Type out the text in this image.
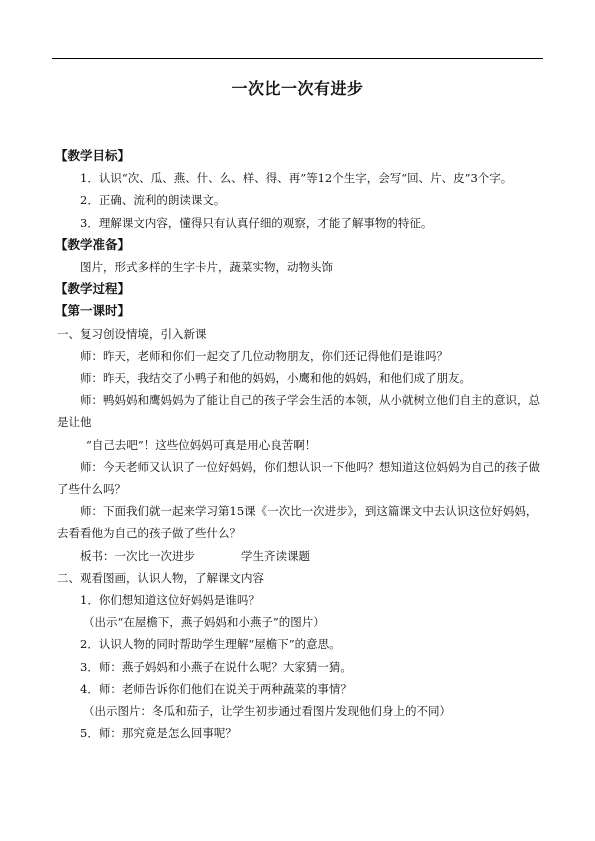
一次比一次有进步

【教学目标】

1．认识“次、瓜、燕、什、么、样、得、再”等12个生字，会写“回、片、皮”3个字。

2．正确、流利的朗读课文。

3．理解课文内容，懂得只有认真仔细的观察，才能了解事物的特征。

【教学准备】

图片，形式多样的生字卡片，蔬菜实物，动物头饰

【教学过程】

【第一课时】

一、复习创设情境，引入新课

师：昨天，老师和你们一起交了几位动物朋友，你们还记得他们是谁吗？

师：昨天，我结交了小鸭子和他的妈妈，小鹰和他的妈妈，和他们成了朋友。

师：鸭妈妈和鹰妈妈为了能让自己的孩子学会生活的本领，从小就树立他们自主的意识，总是让他

“自己去吧”！这些位妈妈可真是用心良苦啊！

师：今天老师又认识了一位好妈妈，你们想认识一下他吗？想知道这位妈妈为自己的孩子做了些什么吗？

师：下面我们就一起来学习第15课《一次比一次进步》，到这篇课文中去认识这位好妈妈，去看看他为自己的孩子做了些什么？

板书：一次比一次进步	学生齐读课题

二、观看图画，认识人物，了解课文内容

1．你们想知道这位好妈妈是谁吗？

（出示“在屋檐下，燕子妈妈和小燕子”的图片）

2．认识人物的同时帮助学生理解“屋檐下”的意思。

3．师：燕子妈妈和小燕子在说什么呢？大家猜一猜。

4．师：老师告诉你们他们在说关于两种蔬菜的事情？

（出示图片：冬瓜和茄子，让学生初步通过看图片发现他们身上的不同）

5．师：那究竟是怎么回事呢？
